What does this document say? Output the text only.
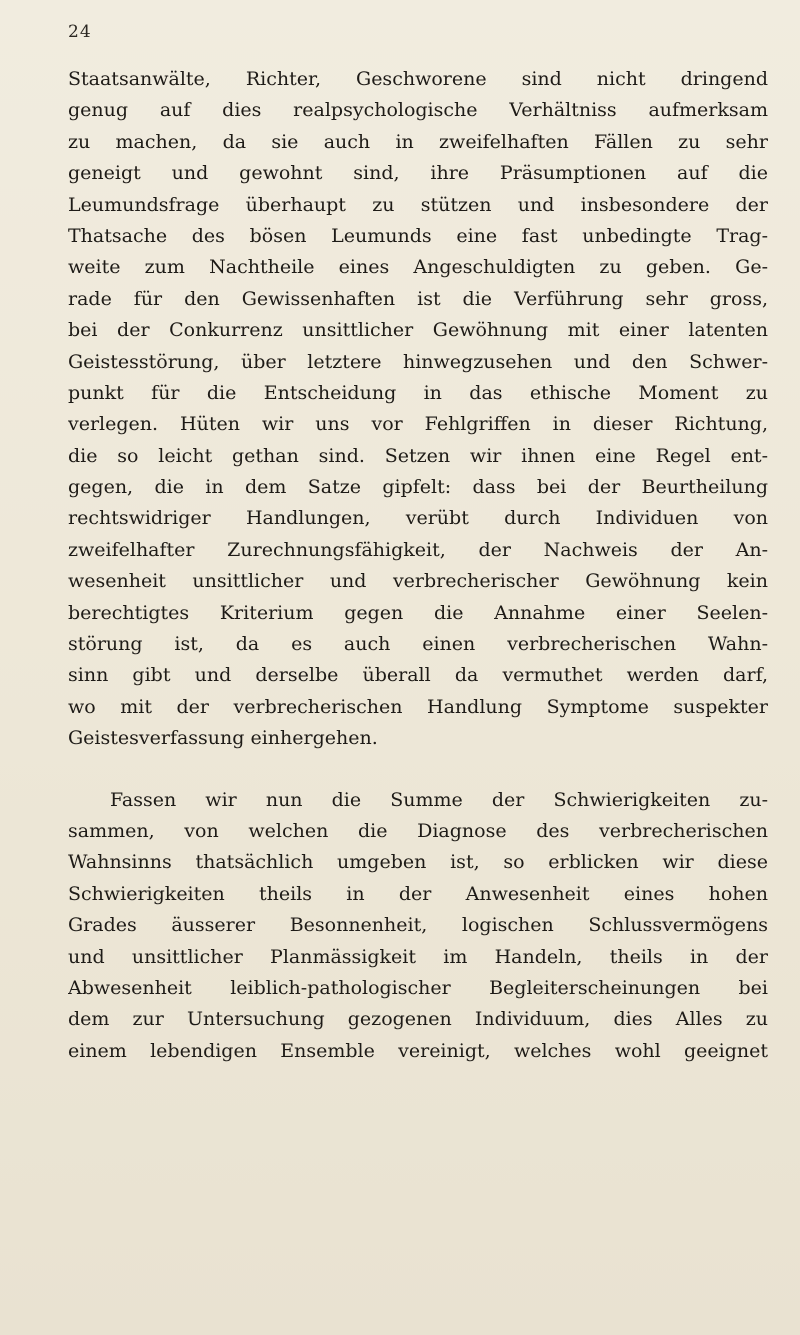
24
Staatsanwälte, Richter, Geschworene sind nicht dringend
genug auf dies realpsychologische Verhältniss aufmerksam
zu machen, da sie auch in zweifelhaften Fällen zu sehr
geneigt und gewohnt sind, ihre Präsumptionen auf die
Leumundsfrage überhaupt zu stützen und insbesondere der
Thatsache des bösen Leumunds eine fast unbedingte Trag-
weite zum Nachtheile eines Angeschuldigten zu geben. Ge-
rade für den Gewissenhaften ist die Verführung sehr gross,
bei der Conkurrenz unsittlicher Gewöhnung mit einer latenten
Geistesstörung, über letztere hinwegzusehen und den Schwer-
punkt für die Entscheidung in das ethische Moment zu
verlegen. Hüten wir uns vor Fehlgriffen in dieser Richtung,
die so leicht gethan sind. Setzen wir ihnen eine Regel ent-
gegen, die in dem Satze gipfelt: dass bei der Beurtheilung
rechtswidriger Handlungen, verübt durch Individuen von
zweifelhafter Zurechnungsfähigkeit, der Nachweis der An-
wesenheit unsittlicher und verbrecherischer Gewöhnung kein
berechtigtes Kriterium gegen die Annahme einer Seelen-
störung ist, da es auch einen verbrecherischen Wahn-
sinn gibt und derselbe überall da vermuthet werden darf,
wo mit der verbrecherischen Handlung Symptome suspekter
Geistesverfassung einhergehen.
Fassen wir nun die Summe der Schwierigkeiten zu-
sammen, von welchen die Diagnose des verbrecherischen
Wahnsinns thatsächlich umgeben ist, so erblicken wir diese
Schwierigkeiten theils in der Anwesenheit eines hohen
Grades äusserer Besonnenheit, logischen Schlussvermögens
und unsittlicher Planmässigkeit im Handeln, theils in der
Abwesenheit leiblich-pathologischer Begleiterscheinungen bei
dem zur Untersuchung gezogenen Individuum, dies Alles zu
einem lebendigen Ensemble vereinigt, welches wohl geeignet
